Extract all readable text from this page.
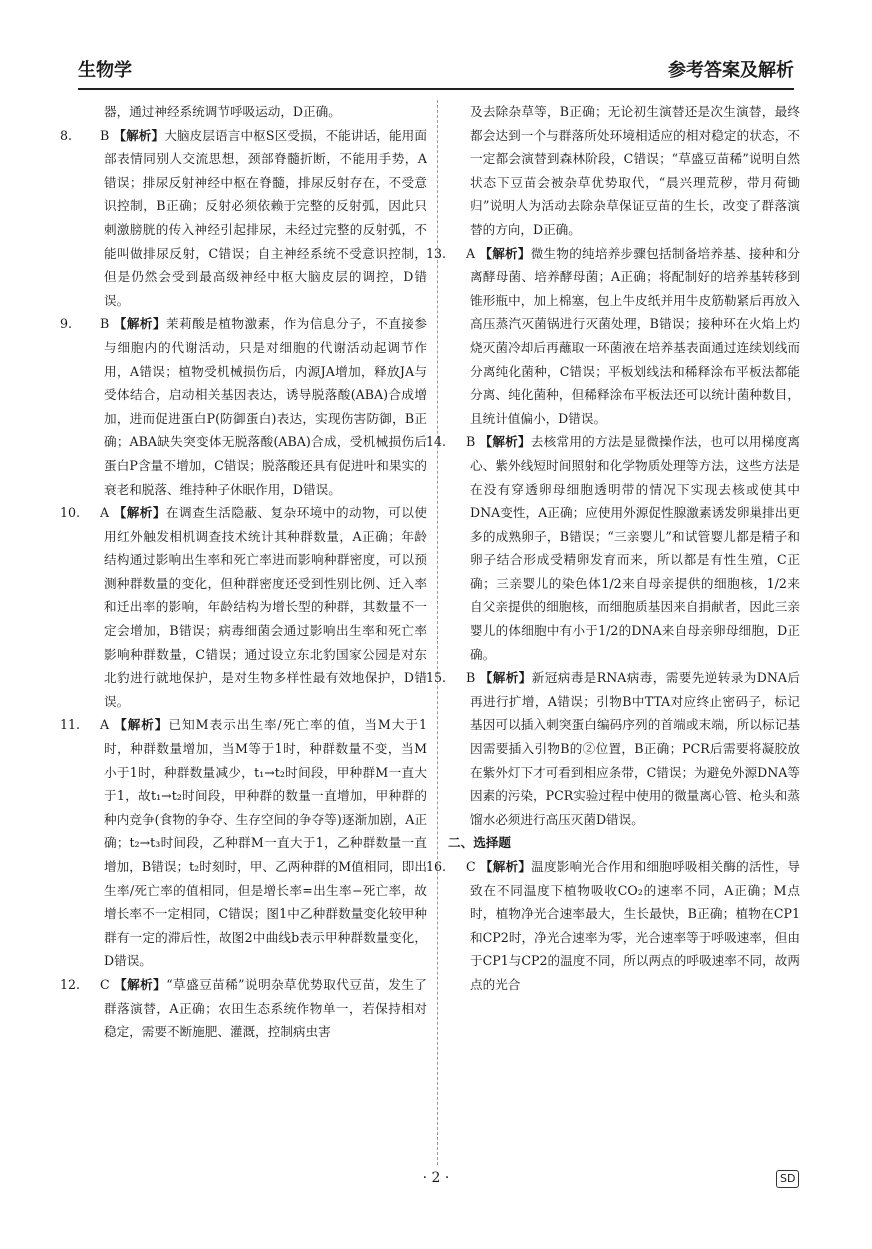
生物学	参考答案及解析

器，通过神经系统调节呼吸运动，D正确。

8. B 【解析】大脑皮层语言中枢S区受损，不能讲话，能用面部表情同别人交流思想，颈部脊髓折断，不能用手势，A错误；排尿反射神经中枢在脊髓，排尿反射存在，不受意识控制，B正确；反射必须依赖于完整的反射弧，因此只刺激膀胱的传入神经引起排尿，未经过完整的反射弧，不能叫做排尿反射，C错误；自主神经系统不受意识控制，但是仍然会受到最高级神经中枢大脑皮层的调控，D错误。

9. B 【解析】茉莉酸是植物激素，作为信息分子，不直接参与细胞内的代谢活动，只是对细胞的代谢活动起调节作用，A错误；植物受机械损伤后，内源JA增加，释放JA与受体结合，启动相关基因表达，诱导脱落酸(ABA)合成增加，进而促进蛋白P(防御蛋白)表达，实现伤害防御，B正确；ABA缺失突变体无脱落酸(ABA)合成，受机械损伤后蛋白P含量不增加，C错误；脱落酸还具有促进叶和果实的衰老和脱落、维持种子休眠作用，D错误。

10. A 【解析】在调查生活隐蔽、复杂环境中的动物，可以使用红外触发相机调查技术统计其种群数量，A正确；年龄结构通过影响出生率和死亡率进而影响种群密度，可以预测种群数量的变化，但种群密度还受到性别比例、迁入率和迁出率的影响，年龄结构为增长型的种群，其数量不一定会增加，B错误；病毒细菌会通过影响出生率和死亡率影响种群数量，C错误；通过设立东北豹国家公园是对东北豹进行就地保护，是对生物多样性最有效地保护，D错误。

11. A 【解析】已知M表示出生率/死亡率的值，当M大于1时，种群数量增加，当M等于1时，种群数量不变，当M小于1时，种群数量减少，t₁→t₂时间段，甲种群M一直大于1，故t₁→t₂时间段，甲种群的数量一直增加，甲种群的种内竞争(食物的争夺、生存空间的争夺等)逐渐加剧，A正确；t₂→t₃时间段，乙种群M一直大于1，乙种群数量一直增加，B错误；t₂时刻时，甲、乙两种群的M值相同，即出生率/死亡率的值相同，但是增长率=出生率−死亡率，故增长率不一定相同，C错误；图1中乙种群数量变化较甲种群有一定的滞后性，故图2中曲线b表示甲种群数量变化，D错误。

12. C 【解析】“草盛豆苗稀”说明杂草优势取代豆苗，发生了群落演替，A正确；农田生态系统作物单一，若保持相对稳定，需要不断施肥、灌溉，控制病虫害

及去除杂草等，B正确；无论初生演替还是次生演替，最终都会达到一个与群落所处环境相适应的相对稳定的状态，不一定都会演替到森林阶段，C错误；“草盛豆苗稀”说明自然状态下豆苗会被杂草优势取代，“晨兴理荒秽，带月荷锄归”说明人为活动去除杂草保证豆苗的生长，改变了群落演替的方向，D正确。

13. A 【解析】微生物的纯培养步骤包括制备培养基、接种和分离酵母菌、培养酵母菌；A正确；将配制好的培养基转移到锥形瓶中，加上棉塞，包上牛皮纸并用牛皮筋勒紧后再放入高压蒸汽灭菌锅进行灭菌处理，B错误；接种环在火焰上灼烧灭菌冷却后再蘸取一环菌液在培养基表面通过连续划线而分离纯化菌种，C错误；平板划线法和稀释涂布平板法都能分离、纯化菌种，但稀释涂布平板法还可以统计菌种数目，且统计值偏小，D错误。

14. B 【解析】去核常用的方法是显微操作法，也可以用梯度离心、紫外线短时间照射和化学物质处理等方法，这些方法是在没有穿透卵母细胞透明带的情况下实现去核或使其中DNA变性，A正确；应使用外源促性腺激素诱发卵巢排出更多的成熟卵子，B错误；“三亲婴儿”和试管婴儿都是精子和卵子结合形成受精卵发育而来，所以都是有性生殖，C正确；三亲婴儿的染色体1/2来自母亲提供的细胞核，1/2来自父亲提供的细胞核，而细胞质基因来自捐献者，因此三亲婴儿的体细胞中有小于1/2的DNA来自母亲卵母细胞，D正确。

15. B 【解析】新冠病毒是RNA病毒，需要先逆转录为DNA后再进行扩增，A错误；引物B中TTA对应终止密码子，标记基因可以插入刺突蛋白编码序列的首端或末端，所以标记基因需要插入引物B的②位置，B正确；PCR后需要将凝胶放在紫外灯下才可看到相应条带，C错误；为避免外源DNA等因素的污染，PCR实验过程中使用的微量离心管、枪头和蒸馏水必须进行高压灭菌D错误。

二、选择题

16. C 【解析】温度影响光合作用和细胞呼吸相关酶的活性，导致在不同温度下植物吸收CO₂的速率不同，A正确；M点时，植物净光合速率最大，生长最快，B正确；植物在CP1和CP2时，净光合速率为零，光合速率等于呼吸速率，但由于CP1与CP2的温度不同，所以两点的呼吸速率不同，故两点的光合

· 2 ·	SD
